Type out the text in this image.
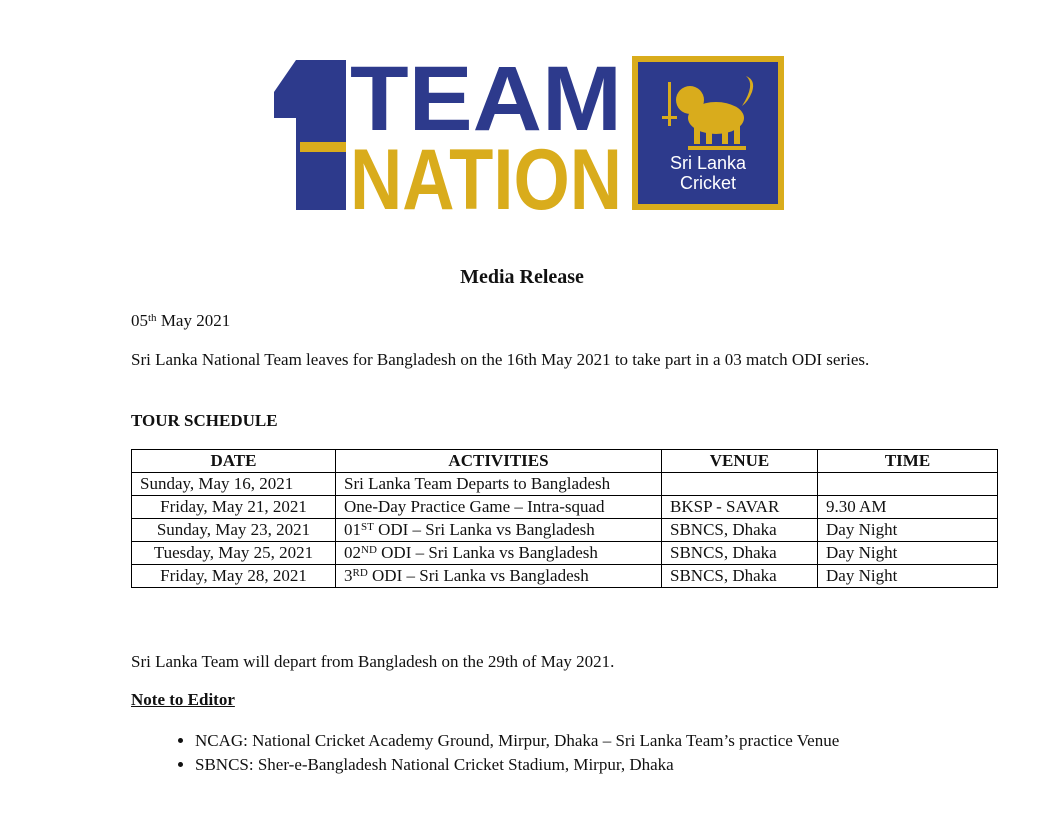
TEAM
NATION	Sri Lanka
Cricket
Media Release
05th May 2021
Sri Lanka National Team leaves for Bangladesh on the 16th May 2021 to take part in a 03 match ODI series.
TOUR SCHEDULE
DATE	ACTIVITIES	VENUE	TIME
Sunday, May 16, 2021	Sri Lanka Team Departs to Bangladesh		
Friday, May 21, 2021	One-Day Practice Game – Intra-squad	BKSP - SAVAR	9.30 AM
Sunday, May 23, 2021	01ST ODI – Sri Lanka vs Bangladesh	SBNCS, Dhaka	Day Night
Tuesday, May 25, 2021	02ND ODI – Sri Lanka vs Bangladesh	SBNCS, Dhaka	Day Night
Friday, May 28, 2021	3RD ODI – Sri Lanka vs Bangladesh	SBNCS, Dhaka	Day Night
Sri Lanka Team will depart from Bangladesh on the 29th of May 2021.
Note to Editor
• NCAG: National Cricket Academy Ground, Mirpur, Dhaka – Sri Lanka Team’s practice Venue
• SBNCS: Sher-e-Bangladesh National Cricket Stadium, Mirpur, Dhaka
